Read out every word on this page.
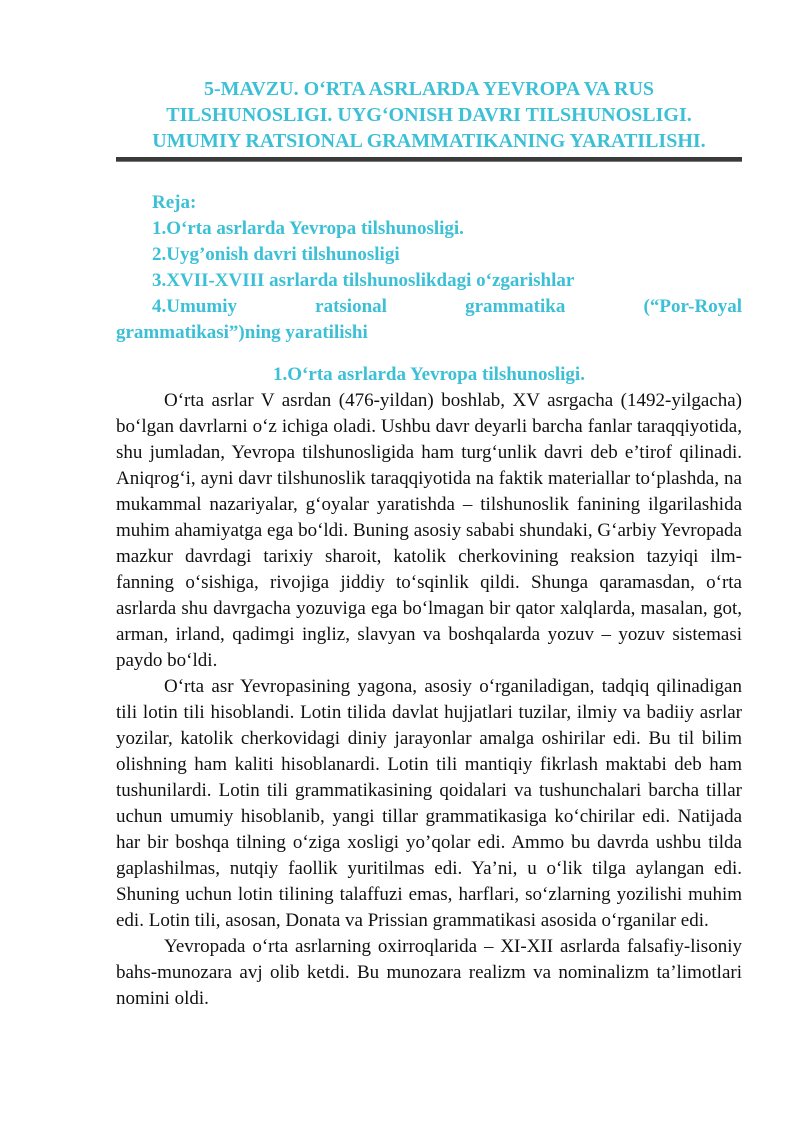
5-MAVZU. O‘RTA ASRLARDA YEVROPA VA RUS
TILSHUNOSLIGI. UYG‘ONISH DAVRI TILSHUNOSLIGI.
UMUMIY RATSIONAL GRAMMATIKANING YARATILISHI.
Reja:
1.O‘rta asrlarda Yevropa tilshunosligi.
2.Uyg’onish davri tilshunosligi
3.XVII-XVIII asrlarda tilshunoslikdagi o‘zgarishlar
4.Umumiy ratsional grammatika (“Por-Royal
grammatikasi”)ning yaratilishi
1.O‘rta asrlarda Yevropa tilshunosligi.

O‘rta asrlar V asrdan (476-yildan) boshlab, XV asrgacha (1492-yilgacha) bo‘lgan davrlarni o‘z ichiga oladi. Ushbu davr deyarli barcha fanlar taraqqiyotida, shu jumladan, Yevropa tilshunosligida ham turg‘unlik davri deb e’tirof qilinadi. Aniqrog‘i, ayni davr tilshunoslik taraqqiyotida na faktik materiallar to‘plashda, na mukammal nazariyalar, g‘oyalar yaratishda – tilshunoslik fanining ilgarilashida muhim ahamiyatga ega bo‘ldi. Buning asosiy sababi shundaki, G‘arbiy Yevropada mazkur davrdagi tarixiy sharoit, katolik cherkovining reaksion tazyiqi ilm-fanning o‘sishiga, rivojiga jiddiy to‘sqinlik qildi. Shunga qaramasdan, o‘rta asrlarda shu davrgacha yozuviga ega bo‘lmagan bir qator xalqlarda, masalan, got, arman, irland, qadimgi ingliz, slavyan va boshqalarda yozuv – yozuv sistemasi paydo bo‘ldi.

O‘rta asr Yevropasining yagona, asosiy o‘rganiladigan, tadqiq qilinadigan tili lotin tili hisoblandi. Lotin tilida davlat hujjatlari tuzilar, ilmiy va badiiy asrlar yozilar, katolik cherkovidagi diniy jarayonlar amalga oshirilar edi. Bu til bilim olishning ham kaliti hisoblanardi. Lotin tili mantiqiy fikrlash maktabi deb ham tushunilardi. Lotin tili grammatikasining qoidalari va tushunchalari barcha tillar uchun umumiy hisoblanib, yangi tillar grammatikasiga ko‘chirilar edi. Natijada har bir boshqa tilning o‘ziga xosligi yo’qolar edi. Ammo bu davrda ushbu tilda gaplashilmas, nutqiy faollik yuritilmas edi. Ya’ni, u o‘lik tilga aylangan edi. Shuning uchun lotin tilining talaffuzi emas, harflari, so‘zlarning yozilishi muhim edi. Lotin tili, asosan, Donata va Prissian grammatikasi asosida o‘rganilar edi.

Yevropada o‘rta asrlarning oxirroqlarida – XI-XII asrlarda falsafiy-lisoniy bahs-munozara avj olib ketdi. Bu munozara realizm va nominalizm ta’limotlari nomini oldi.
